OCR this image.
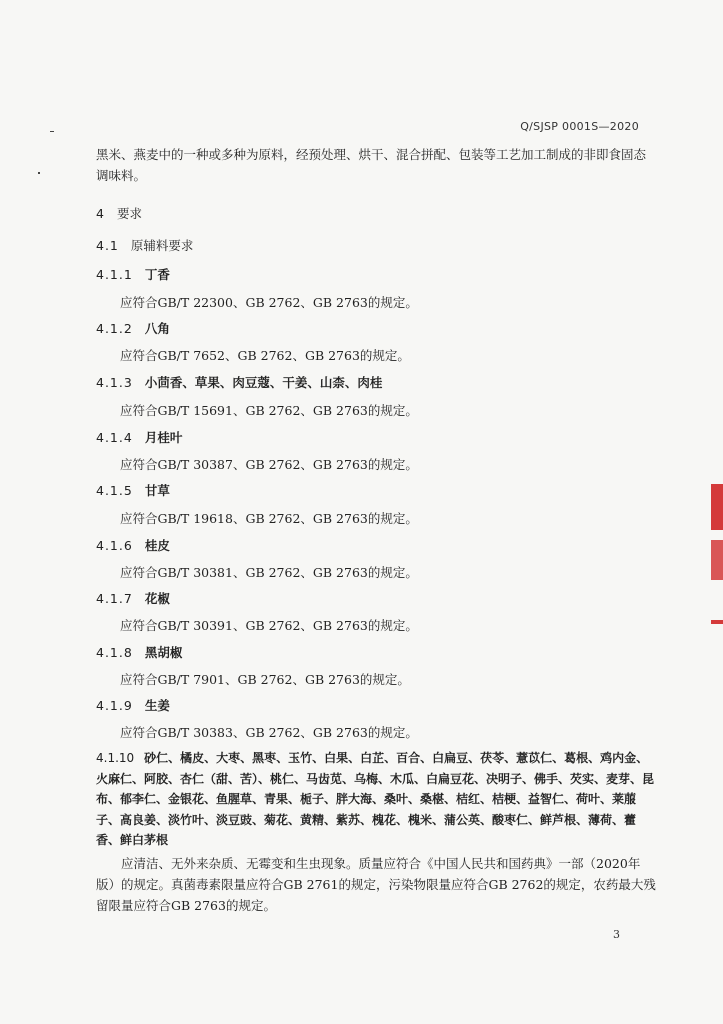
Q/SJSP 0001S—2020

黑米、燕麦中的一种或多种为原料，经预处理、烘干、混合拼配、包装等工艺加工制成的非即食固态调味料。

4 要求
4.1 原辅料要求
4.1.1 丁香

应符合GB/T 22300、GB 2762、GB 2763的规定。

4.1.2 八角

应符合GB/T 7652、GB 2762、GB 2763的规定。

4.1.3 小茴香、草果、肉豆蔻、干姜、山柰、肉桂

应符合GB/T 15691、GB 2762、GB 2763的规定。

4.1.4 月桂叶

应符合GB/T 30387、GB 2762、GB 2763的规定。

4.1.5 甘草

应符合GB/T 19618、GB 2762、GB 2763的规定。

4.1.6 桂皮

应符合GB/T 30381、GB 2762、GB 2763的规定。

4.1.7 花椒

应符合GB/T 30391、GB 2762、GB 2763的规定。

4.1.8 黑胡椒

应符合GB/T 7901、GB 2762、GB 2763的规定。

4.1.9 生姜

应符合GB/T 30383、GB 2762、GB 2763的规定。

4.1.10 砂仁、橘皮、大枣、黑枣、玉竹、白果、白芷、百合、白扁豆、茯苓、薏苡仁、葛根、鸡内金、火麻仁、阿胶、杏仁（甜、苦）、桃仁、马齿苋、乌梅、木瓜、白扁豆花、决明子、佛手、芡实、麦芽、昆布、郁李仁、金银花、鱼腥草、青果、栀子、胖大海、桑叶、桑椹、桔红、桔梗、益智仁、荷叶、莱菔子、高良姜、淡竹叶、淡豆豉、菊花、黄精、紫苏、槐花、槐米、蒲公英、酸枣仁、鲜芦根、薄荷、藿香、鲜白茅根

应清洁、无外来杂质、无霉变和生虫现象。质量应符合《中国人民共和国药典》一部（2020年版）的规定。真菌毒素限量应符合GB 2761的规定，污染物限量应符合GB 2762的规定，农药最大残留限量应符合GB 2763的规定。

3
